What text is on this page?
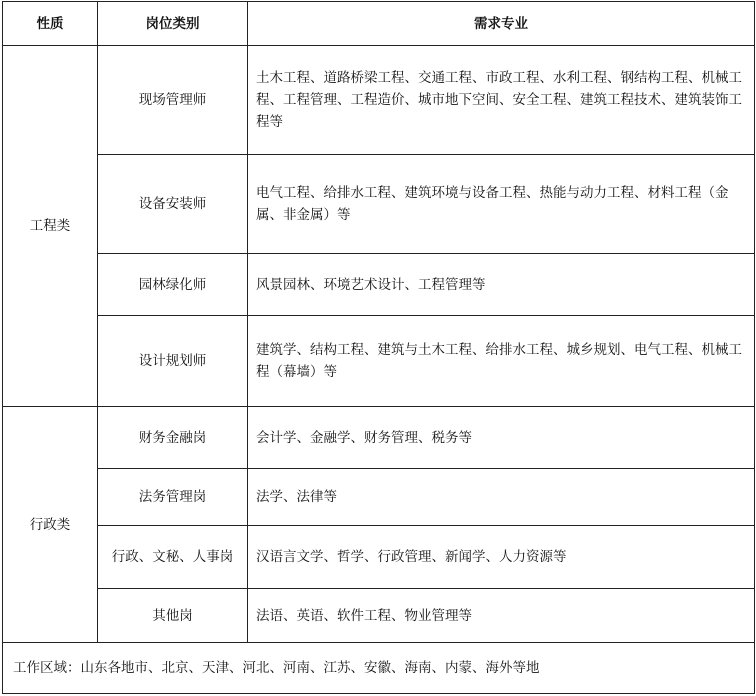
性质	岗位类别	需求专业
工程类	现场管理师	土木工程、道路桥梁工程、交通工程、市政工程、水利工程、钢结构工程、机械工程、工程管理、工程造价、城市地下空间、安全工程、建筑工程技术、建筑装饰工程等
	设备安装师	电气工程、给排水工程、建筑环境与设备工程、热能与动力工程、材料工程（金属、非金属）等
	园林绿化师	风景园林、环境艺术设计、工程管理等
	设计规划师	建筑学、结构工程、建筑与土木工程、给排水工程、城乡规划、电气工程、机械工程（幕墙）等
行政类	财务金融岗	会计学、金融学、财务管理、税务等
	法务管理岗	法学、法律等
	行政、文秘、人事岗	汉语言文学、哲学、行政管理、新闻学、人力资源等
	其他岗	法语、英语、软件工程、物业管理等
工作区域：山东各地市、北京、天津、河北、河南、江苏、安徽、海南、内蒙、海外等地		
